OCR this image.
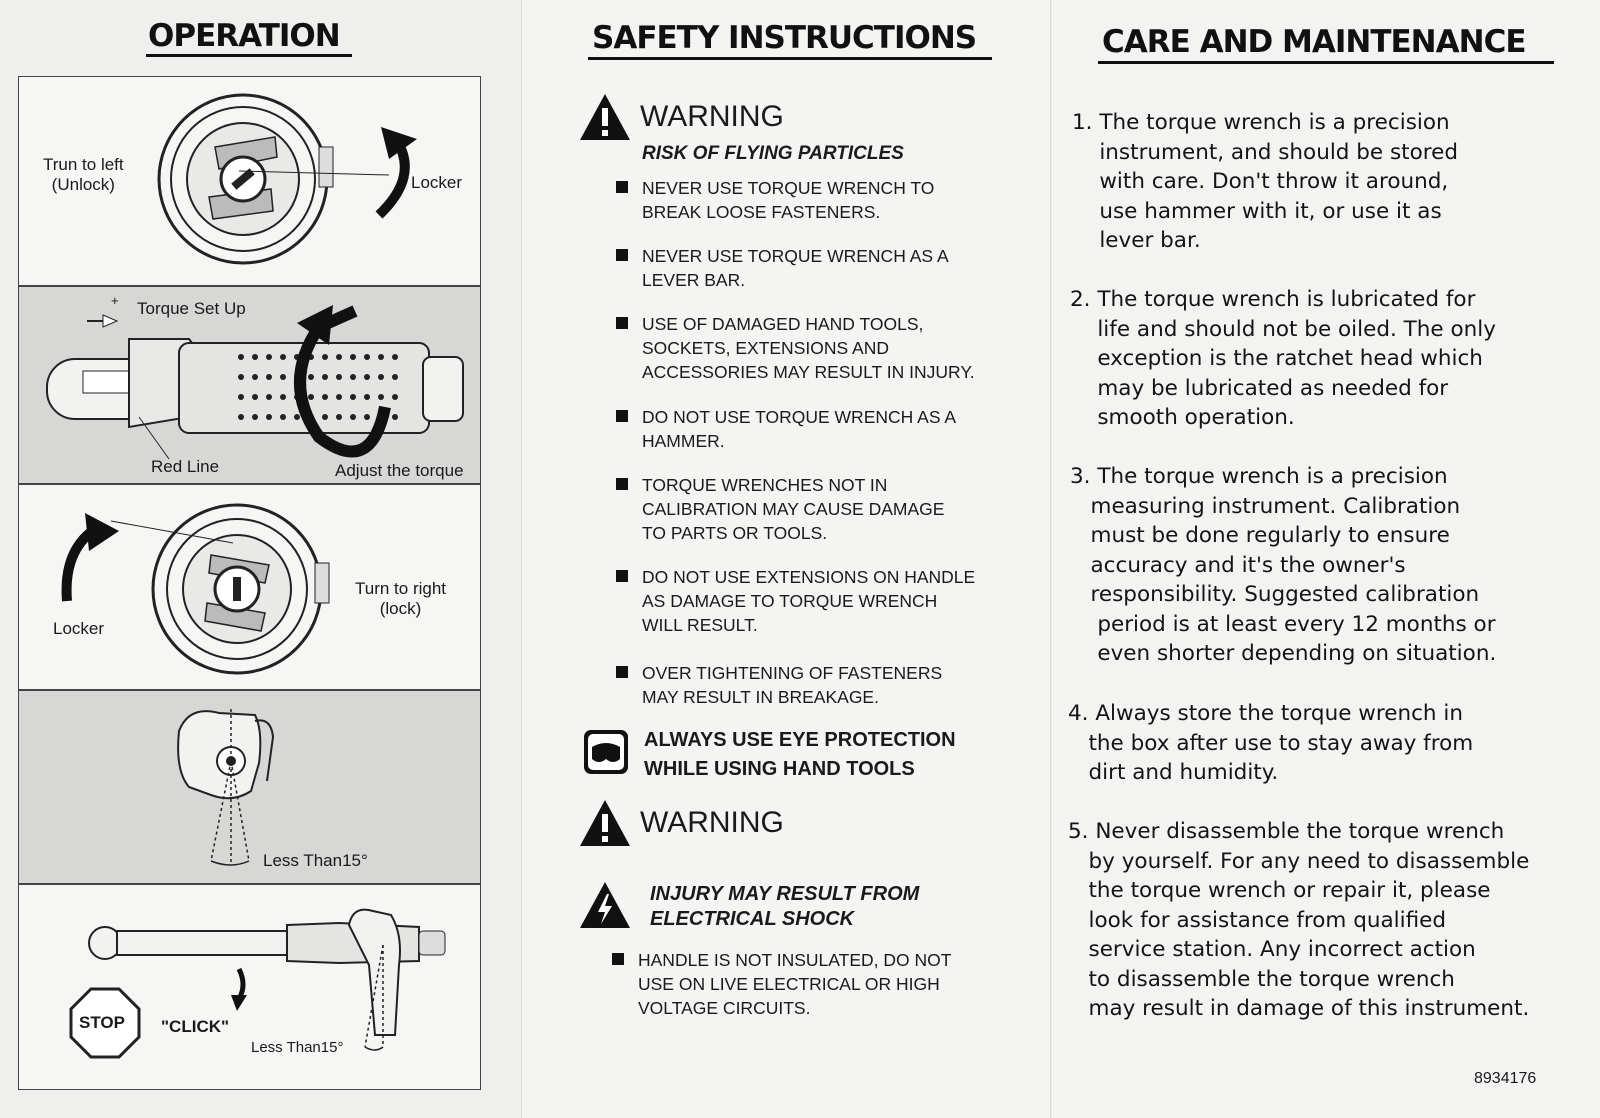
OPERATION
Trun to left
(Unlock)	Locker
+ Torque Set Up
Red Line	Adjust the torque
Turn to right
(lock)
Locker
Less Than15°
STOP "CLICK"
Less Than15°
SAFETY INSTRUCTIONS
WARNING
RISK OF FLYING PARTICLES
NEVER USE TORQUE WRENCH TO
BREAK LOOSE FASTENERS.
NEVER USE TORQUE WRENCH AS A
LEVER BAR.
USE OF DAMAGED HAND TOOLS,
SOCKETS, EXTENSIONS AND
ACCESSORIES MAY RESULT IN INJURY.
DO NOT USE TORQUE WRENCH AS A
HAMMER.
TORQUE WRENCHES NOT IN
CALIBRATION MAY CAUSE DAMAGE
TO PARTS OR TOOLS.
DO NOT USE EXTENSIONS ON HANDLE
AS DAMAGE TO TORQUE WRENCH
WILL RESULT.
OVER TIGHTENING OF FASTENERS
MAY RESULT IN BREAKAGE.
ALWAYS USE EYE PROTECTION
WHILE USING HAND TOOLS
WARNING
INJURY MAY RESULT FROM
ELECTRICAL SHOCK
HANDLE IS NOT INSULATED, DO NOT
USE ON LIVE ELECTRICAL OR HIGH
VOLTAGE CIRCUITS.
CARE AND MAINTENANCE
1. The torque wrench is a precision
instrument, and should be stored
with care. Don't throw it around,
use hammer with it, or use it as
lever bar.
2. The torque wrench is lubricated for
life and should not be oiled. The only
exception is the ratchet head which
may be lubricated as needed for
smooth operation.
3. The torque wrench is a precision
measuring instrument. Calibration
must be done regularly to ensure
accuracy and it's the owner's
responsibility. Suggested calibration
period is at least every 12 months or
even shorter depending on situation.
4. Always store the torque wrench in
the box after use to stay away from
dirt and humidity.
5. Never disassemble the torque wrench
by yourself. For any need to disassemble
the torque wrench or repair it, please
look for assistance from qualified
service station. Any incorrect action
to disassemble the torque wrench
may result in damage of this instrument.
8934176
